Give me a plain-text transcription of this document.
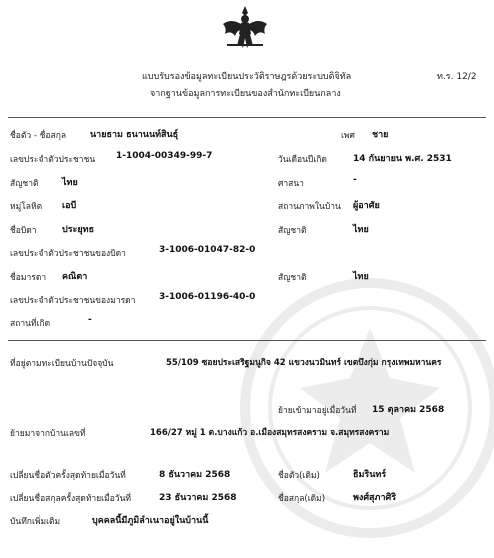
แบบรับรองข้อมูลทะเบียนประวัติราษฎรด้วยระบบดิจิทัล
จากฐานข้อมูลการทะเบียนของสำนักทะเบียนกลาง
ท.ร. 12/2
ชื่อตัว - ชื่อสกุล	นายธาม ธนานนท์สินธุ์	เพศ ชาย
เลขประจำตัวประชาชน 1-1004-00349-99-7	วันเดือนปีเกิด	14 กันยายน พ.ศ. 2531
สัญชาติ	ไทย	ศาสนา	-
หมู่โลหิต เอบี	สถานภาพในบ้าน ผู้อาศัย
ชื่อบิดา	ประยุทธ	สัญชาติ	ไทย
เลขประจำตัวประชาชนของบิดา	3-1006-01047-82-0
ชื่อมารดา คณิตา	สัญชาติ	ไทย
เลขประจำตัวประชาชนของมารดา	3-1006-01196-40-0
สถานที่เกิด	-
ที่อยู่ตามทะเบียนบ้านปัจจุบัน	55/109 ซอยประเสริฐมนูกิจ 42 แขวงนวมินทร์ เขตบึงกุ่ม กรุงเทพมหานคร
ย้ายเข้ามาอยู่เมื่อวันที่ 15 ตุลาคม 2568
ย้ายมาจากบ้านเลขที่	166/27 หมู่ 1 ต.บางแก้ว อ.เมืองสมุทรสงคราม จ.สมุทรสงคราม
เปลี่ยนชื่อตัวครั้งสุดท้ายเมื่อวันที่	8 ธันวาคม 2568	ชื่อตัว(เดิม)	ธิมรินทร์
เปลี่ยนชื่อสกุลครั้งสุดท้ายเมื่อวันที่	23 ธันวาคม 2568	ชื่อสกุล(เดิม)	พงศ์สุภาศิริ
บันทึกเพิ่มเติม	บุคคลนี้มีภูมิลำเนาอยู่ในบ้านนี้
